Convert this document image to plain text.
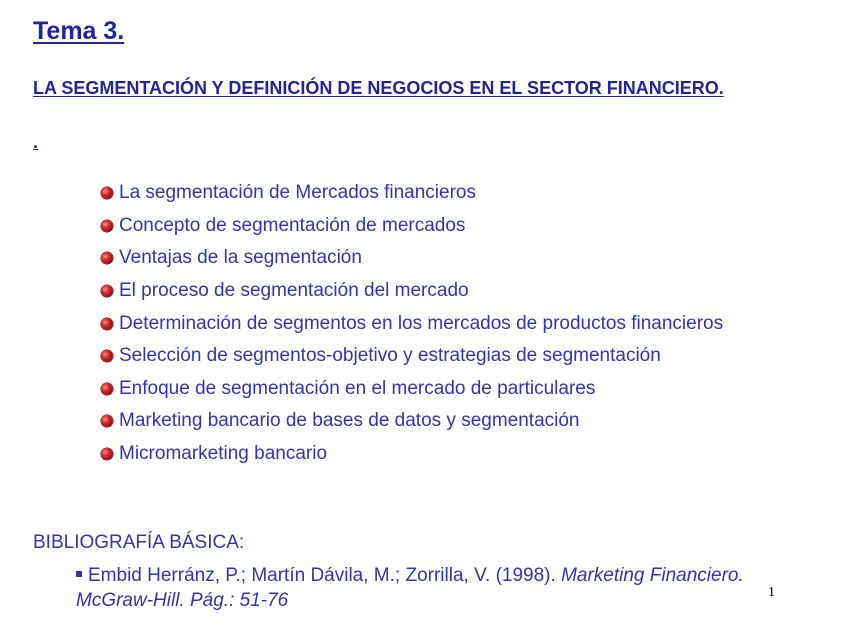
Tema 3.
LA SEGMENTACIÓN Y DEFINICIÓN DE NEGOCIOS EN EL SECTOR FINANCIERO.
.
La segmentación de Mercados financieros
Concepto de segmentación de mercados
Ventajas de la segmentación
El proceso de segmentación del mercado
Determinación de segmentos en los mercados de productos financieros
Selección de segmentos-objetivo y estrategias de segmentación
Enfoque de segmentación en el mercado de particulares
Marketing bancario de bases de datos y segmentación
Micromarketing bancario
BIBLIOGRAFÍA BÁSICA:

Embid Herránz, P.; Martín Dávila, M.; Zorrilla, V. (1998). Marketing Financiero. McGraw-Hill. Pág.: 51-76	1
